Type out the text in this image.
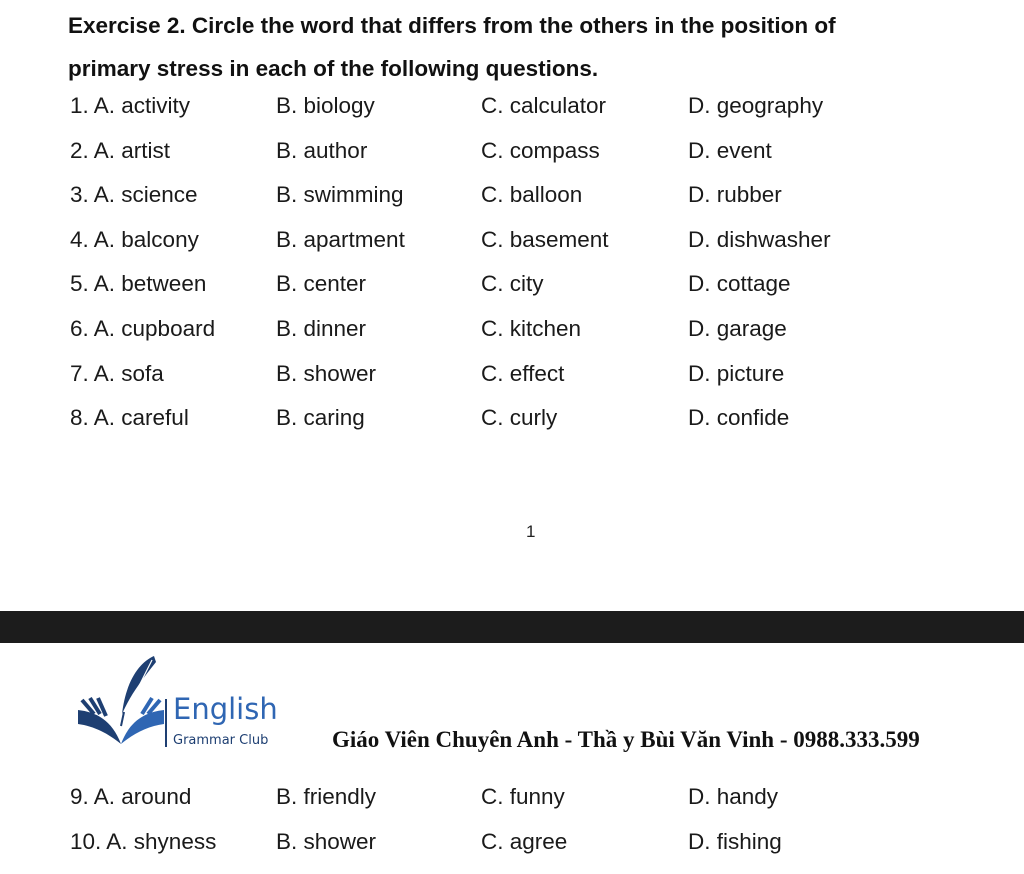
Exercise 2. Circle the word that differs from the others in the position of
primary stress in each of the following questions.
1. A. activity	B. biology	C. calculator	D. geography
2. A. artist	B. author	C. compass	D. event
3. A. science	B. swimming	C. balloon	D. rubber
4. A. balcony	B. apartment	C. basement	D. dishwasher
5. A. between	B. center	C. city	D. cottage
6. A. cupboard	B. dinner	C. kitchen	D. garage
7. A. sofa	B. shower	C. effect	D. picture
8. A. careful	B. caring	C. curly	D. confide
1
English
Grammar Club	Giáo Viên Chuyên Anh - Thầ y Bùi Văn Vinh - 0988.333.599
9. A. around	B. friendly	C. funny	D. handy
10. A. shyness	B. shower	C. agree	D. fishing
